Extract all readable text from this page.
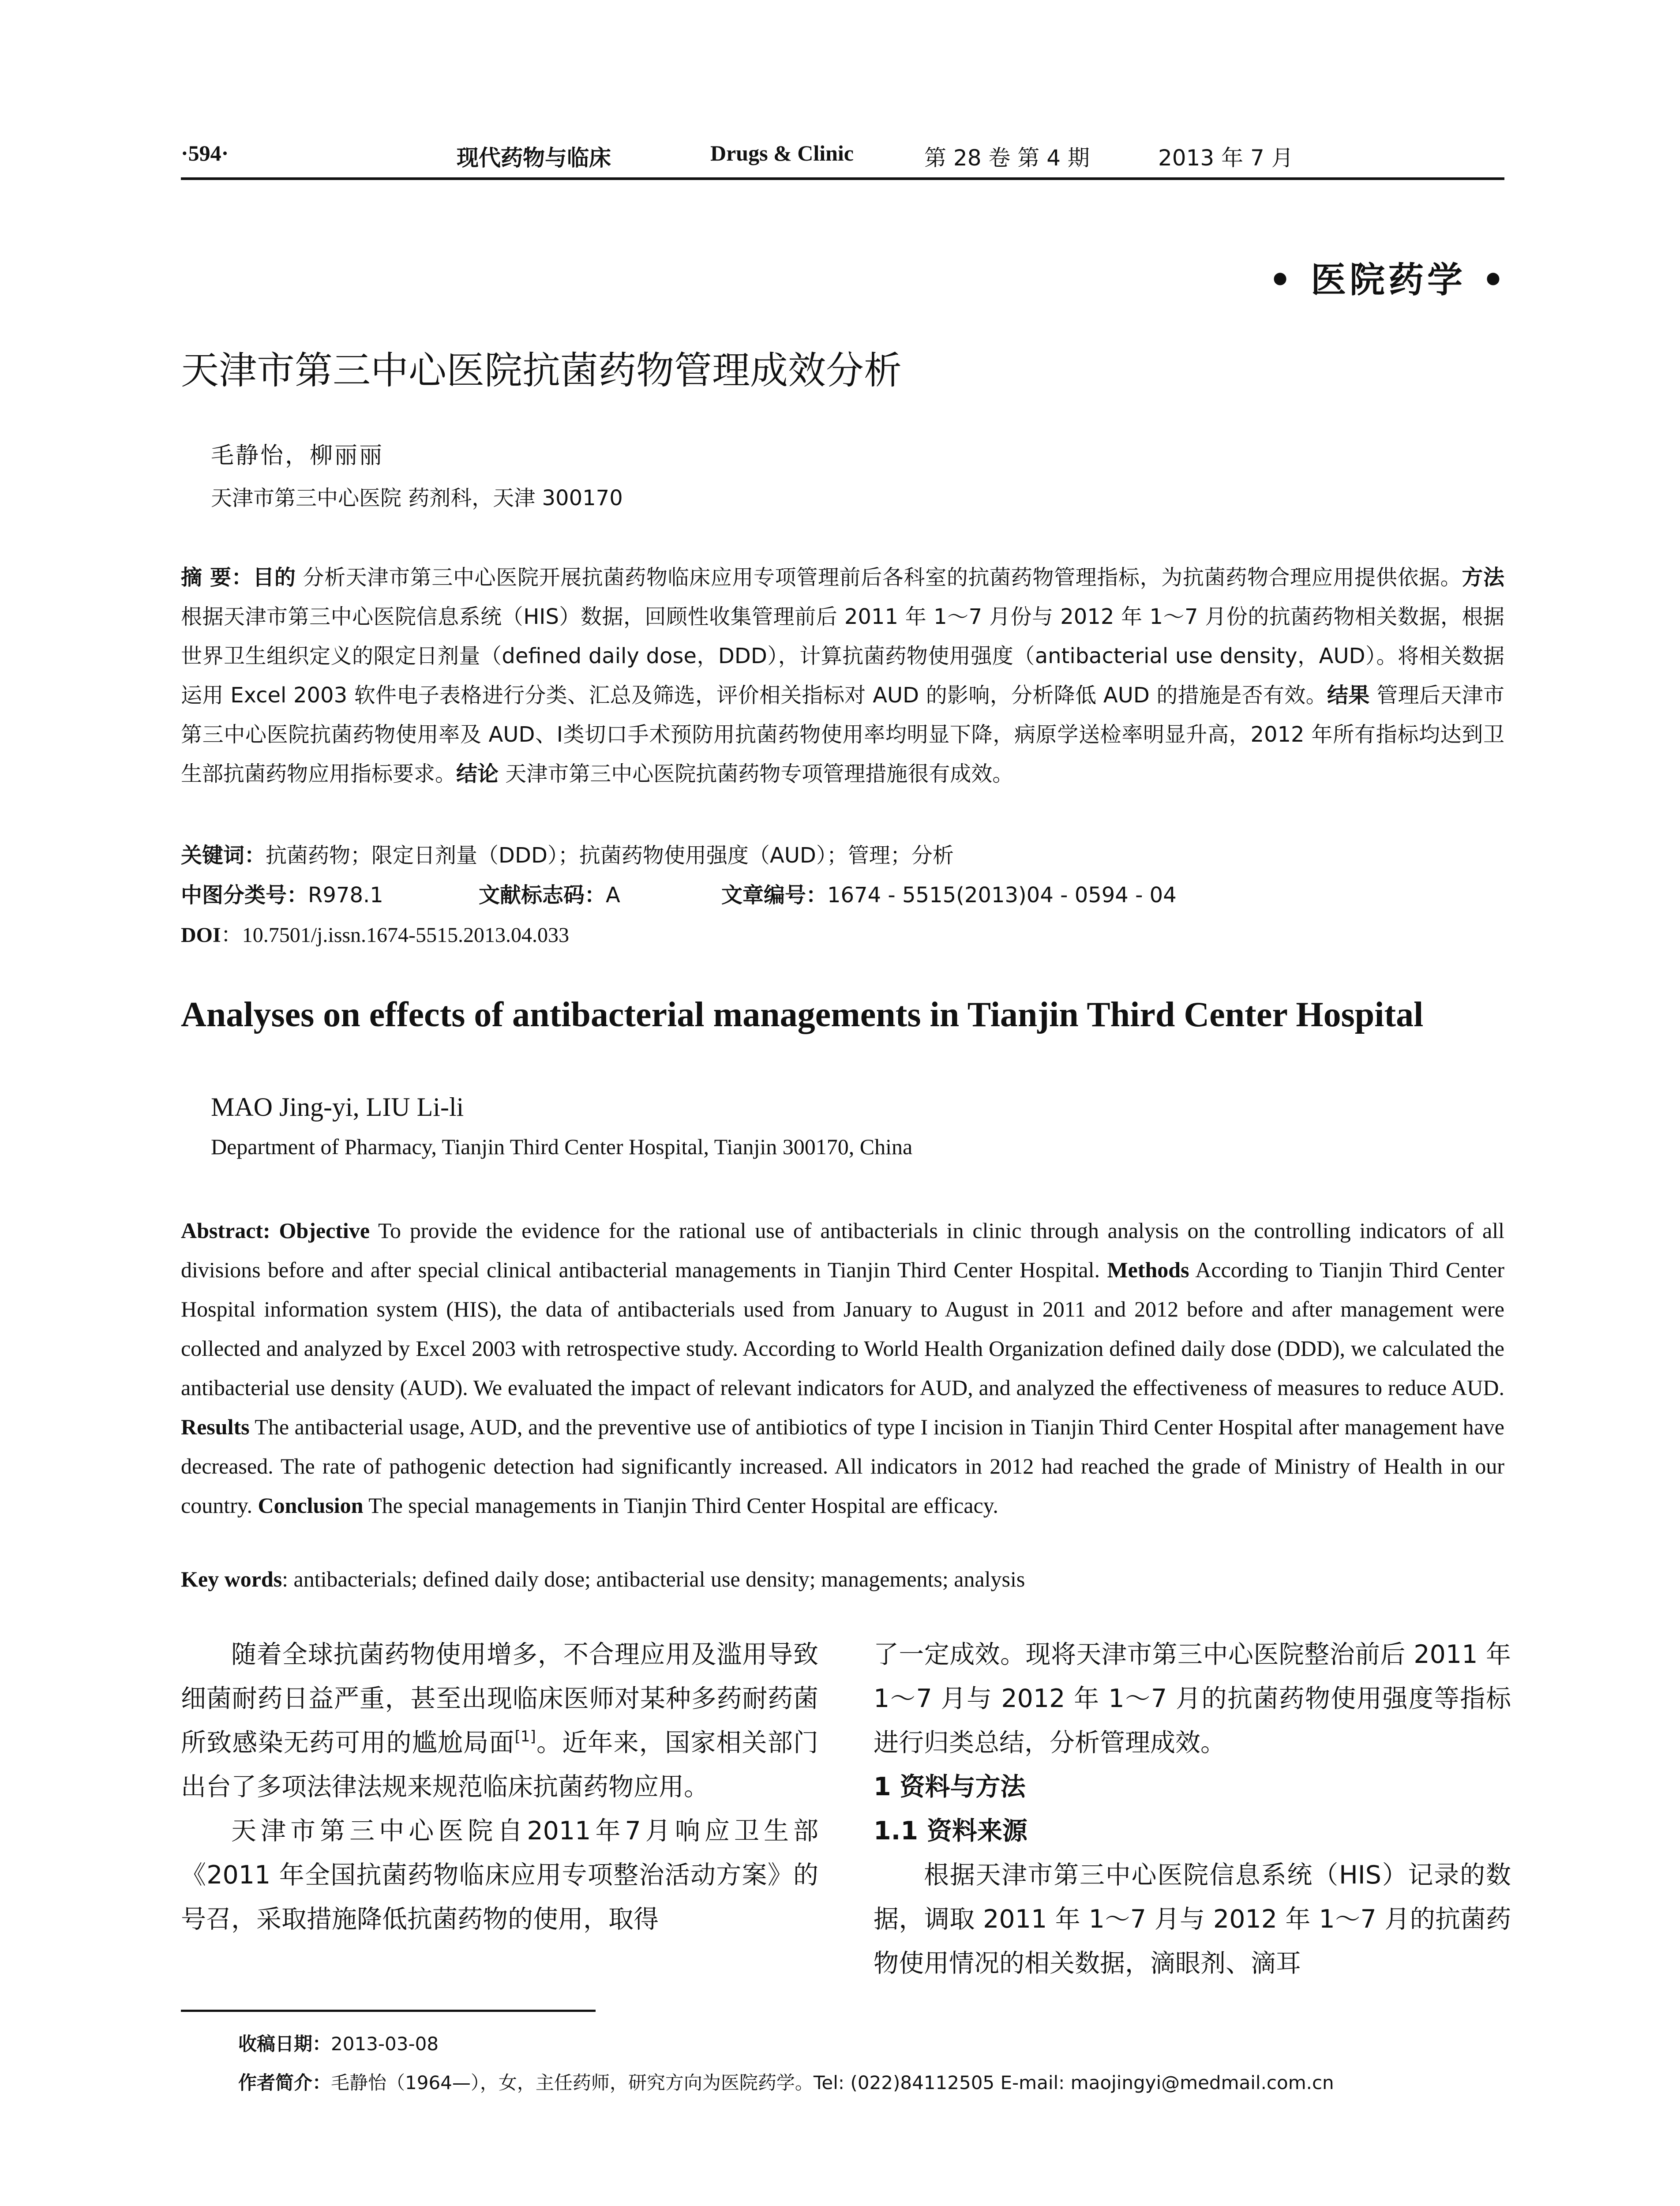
·594·	现代药物与临床	Drugs & Clinic	第 28 卷 第 4 期	2013 年 7 月
• 医院药学 •
天津市第三中心医院抗菌药物管理成效分析
毛静怡，柳丽丽
天津市第三中心医院 药剂科，天津 300170
摘 要：目的 分析天津市第三中心医院开展抗菌药物临床应用专项管理前后各科室的抗菌药物管理指标，为抗菌药物合理应用提供依据。方法 根据天津市第三中心医院信息系统（HIS）数据，回顾性收集管理前后 2011 年 1～7 月份与 2012 年 1～7 月份的抗菌药物相关数据，根据世界卫生组织定义的限定日剂量（defined daily dose，DDD），计算抗菌药物使用强度（antibacterial use density，AUD）。将相关数据运用 Excel 2003 软件电子表格进行分类、汇总及筛选，评价相关指标对 AUD 的影响，分析降低 AUD 的措施是否有效。结果 管理后天津市第三中心医院抗菌药物使用率及 AUD、Ⅰ类切口手术预防用抗菌药物使用率均明显下降，病原学送检率明显升高，2012 年所有指标均达到卫生部抗菌药物应用指标要求。结论 天津市第三中心医院抗菌药物专项管理措施很有成效。
关键词：抗菌药物；限定日剂量（DDD）；抗菌药物使用强度（AUD）；管理；分析
中图分类号：R978.1	文献标志码：A	文章编号：1674 - 5515(2013)04 - 0594 - 04
DOI：10.7501/j.issn.1674-5515.2013.04.033
Analyses on effects of antibacterial managements in Tianjin Third Center Hospital
MAO Jing-yi, LIU Li-li
Department of Pharmacy, Tianjin Third Center Hospital, Tianjin 300170, China
Abstract: Objective To provide the evidence for the rational use of antibacterials in clinic through analysis on the controlling indicators of all divisions before and after special clinical antibacterial managements in Tianjin Third Center Hospital. Methods According to Tianjin Third Center Hospital information system (HIS), the data of antibacterials used from January to August in 2011 and 2012 before and after management were collected and analyzed by Excel 2003 with retrospective study. According to World Health Organization defined daily dose (DDD), we calculated the antibacterial use density (AUD). We evaluated the impact of relevant indicators for AUD, and analyzed the effectiveness of measures to reduce AUD. Results The antibacterial usage, AUD, and the preventive use of antibiotics of type I incision in Tianjin Third Center Hospital after management have decreased. The rate of pathogenic detection had significantly increased. All indicators in 2012 had reached the grade of Ministry of Health in our country. Conclusion The special managements in Tianjin Third Center Hospital are efficacy.
Key words: antibacterials; defined daily dose; antibacterial use density; managements; analysis

随着全球抗菌药物使用增多，不合理应用及滥用导致细菌耐药日益严重，甚至出现临床医师对某种多药耐药菌所致感染无药可用的尴尬局面[1]。近年来，国家相关部门出台了多项法律法规来规范临床抗菌药物应用。

天津市第三中心医院自2011年7月响应卫生部《2011 年全国抗菌药物临床应用专项整治活动方案》的号召，采取措施降低抗菌药物的使用，取得

了一定成效。现将天津市第三中心医院整治前后 2011 年 1～7 月与 2012 年 1～7 月的抗菌药物使用强度等指标进行归类总结，分析管理成效。

1 资料与方法

1.1 资料来源

根据天津市第三中心医院信息系统（HIS）记录的数据，调取 2011 年 1～7 月与 2012 年 1～7 月的抗菌药物使用情况的相关数据，滴眼剂、滴耳

收稿日期：2013-03-08
作者简介：毛静怡（1964—），女，主任药师，研究方向为医院药学。Tel: (022)84112505 E-mail: maojingyi@medmail.com.cn
